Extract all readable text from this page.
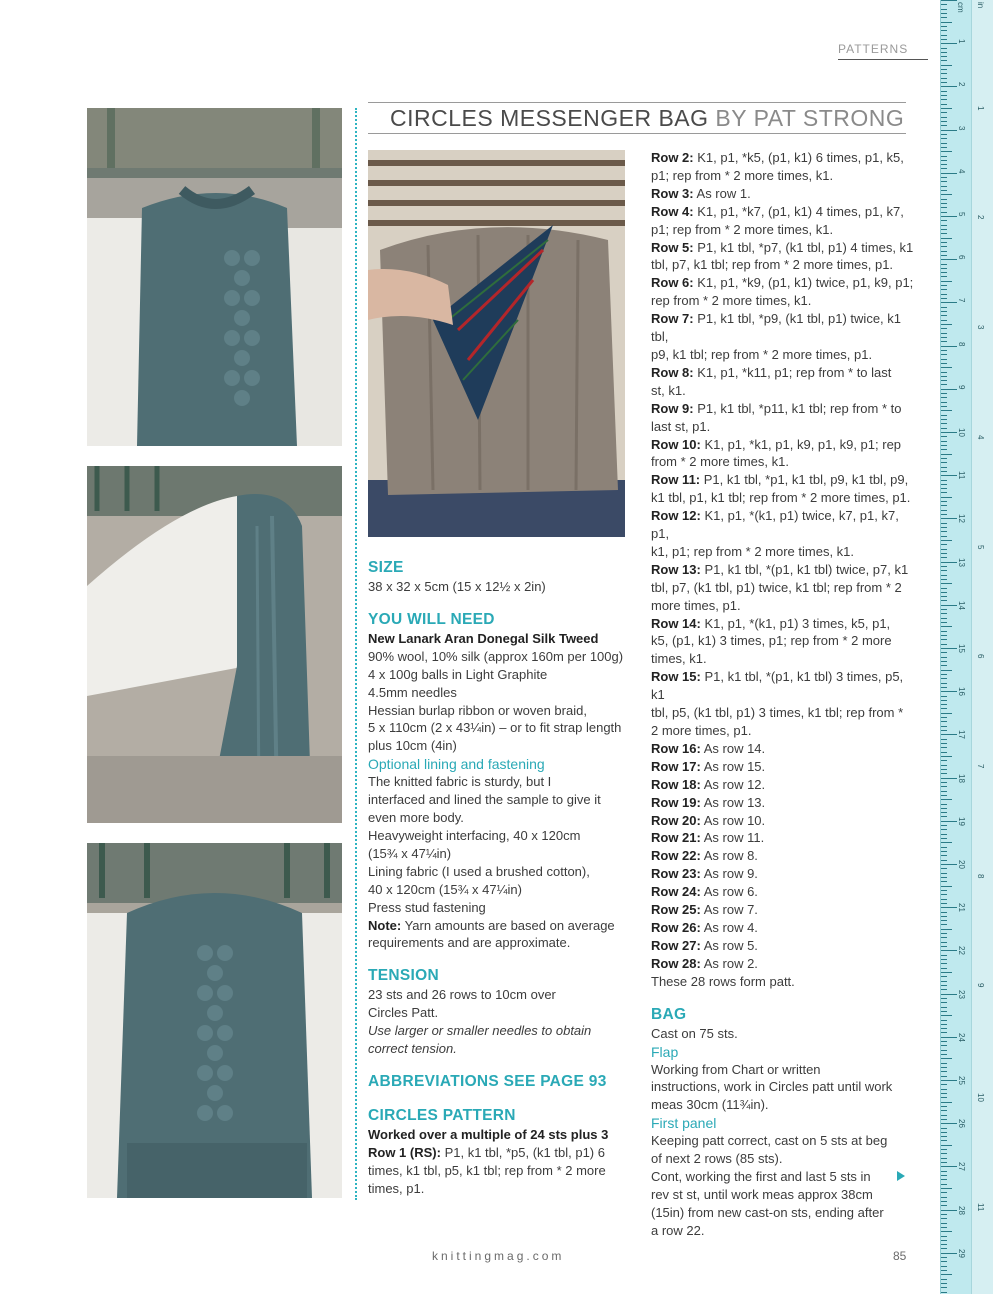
PATTERNS
CIRCLES MESSENGER BAG BY PAT STRONG

SIZE

38 x 32 x 5cm (15 x 12½ x 2in)

YOU WILL NEED

New Lanark Aran Donegal Silk Tweed

90% wool, 10% silk (approx 160m per 100g)

4 x 100g balls in Light Graphite

4.5mm needles

Hessian burlap ribbon or woven braid,

5 x 110cm (2 x 43¼in) – or to fit strap length

plus 10cm (4in)

Optional lining and fastening

The knitted fabric is sturdy, but I

interfaced and lined the sample to give it

even more body.

Heavyweight interfacing, 40 x 120cm

(15¾ x 47¼in)

Lining fabric (I used a brushed cotton),

40 x 120cm (15¾ x 47¼in)

Press stud fastening

Note: Yarn amounts are based on average

requirements and are approximate.

TENSION

23 sts and 26 rows to 10cm over

Circles Patt.

Use larger or smaller needles to obtain

correct tension.

ABBREVIATIONS SEE PAGE 93

CIRCLES PATTERN

Worked over a multiple of 24 sts plus 3

Row 1 (RS): P1, k1 tbl, *p5, (k1 tbl, p1) 6

times, k1 tbl, p5, k1 tbl; rep from * 2 more

times, p1.

Row 2: K1, p1, *k5, (p1, k1) 6 times, p1, k5,

p1; rep from * 2 more times, k1.

Row 3: As row 1.

Row 4: K1, p1, *k7, (p1, k1) 4 times, p1, k7,

p1; rep from * 2 more times, k1.

Row 5: P1, k1 tbl, *p7, (k1 tbl, p1) 4 times, k1

tbl, p7, k1 tbl; rep from * 2 more times, p1.

Row 6: K1, p1, *k9, (p1, k1) twice, p1, k9, p1;

rep from * 2 more times, k1.

Row 7: P1, k1 tbl, *p9, (k1 tbl, p1) twice, k1 tbl,

p9, k1 tbl; rep from * 2 more times, p1.

Row 8: K1, p1, *k11, p1; rep from * to last

st, k1.

Row 9: P1, k1 tbl, *p11, k1 tbl; rep from * to

last st, p1.

Row 10: K1, p1, *k1, p1, k9, p1, k9, p1; rep

from * 2 more times, k1.

Row 11: P1, k1 tbl, *p1, k1 tbl, p9, k1 tbl, p9,

k1 tbl, p1, k1 tbl; rep from * 2 more times, p1.

Row 12: K1, p1, *(k1, p1) twice, k7, p1, k7, p1,

k1, p1; rep from * 2 more times, k1.

Row 13: P1, k1 tbl, *(p1, k1 tbl) twice, p7, k1

tbl, p7, (k1 tbl, p1) twice, k1 tbl; rep from * 2

more times, p1.

Row 14: K1, p1, *(k1, p1) 3 times, k5, p1,

k5, (p1, k1) 3 times, p1; rep from * 2 more

times, k1.

Row 15: P1, k1 tbl, *(p1, k1 tbl) 3 times, p5, k1

tbl, p5, (k1 tbl, p1) 3 times, k1 tbl; rep from *

2 more times, p1.

Row 16: As row 14.

Row 17: As row 15.

Row 18: As row 12.

Row 19: As row 13.

Row 20: As row 10.

Row 21: As row 11.

Row 22: As row 8.

Row 23: As row 9.

Row 24: As row 6.

Row 25: As row 7.

Row 26: As row 4.

Row 27: As row 5.

Row 28: As row 2.

These 28 rows form patt.

BAG

Cast on 75 sts.

Flap

Working from Chart or written

instructions, work in Circles patt until work

meas 30cm (11¾in).

First panel

Keeping patt correct, cast on 5 sts at beg

of next 2 rows (85 sts).

Cont, working the first and last 5 sts in

rev st st, until work meas approx 38cm

(15in) from new cast-on sts, ending after

a row 22.

knittingmag.com	85
cm in
1
2
3
4
5
6
7
8
9
10
11
12
13
14
15
16
17
18
19
20
21
22
23
24
25
26
27
28
29
1
2
3
4
5
6
7
8
9
10
11
